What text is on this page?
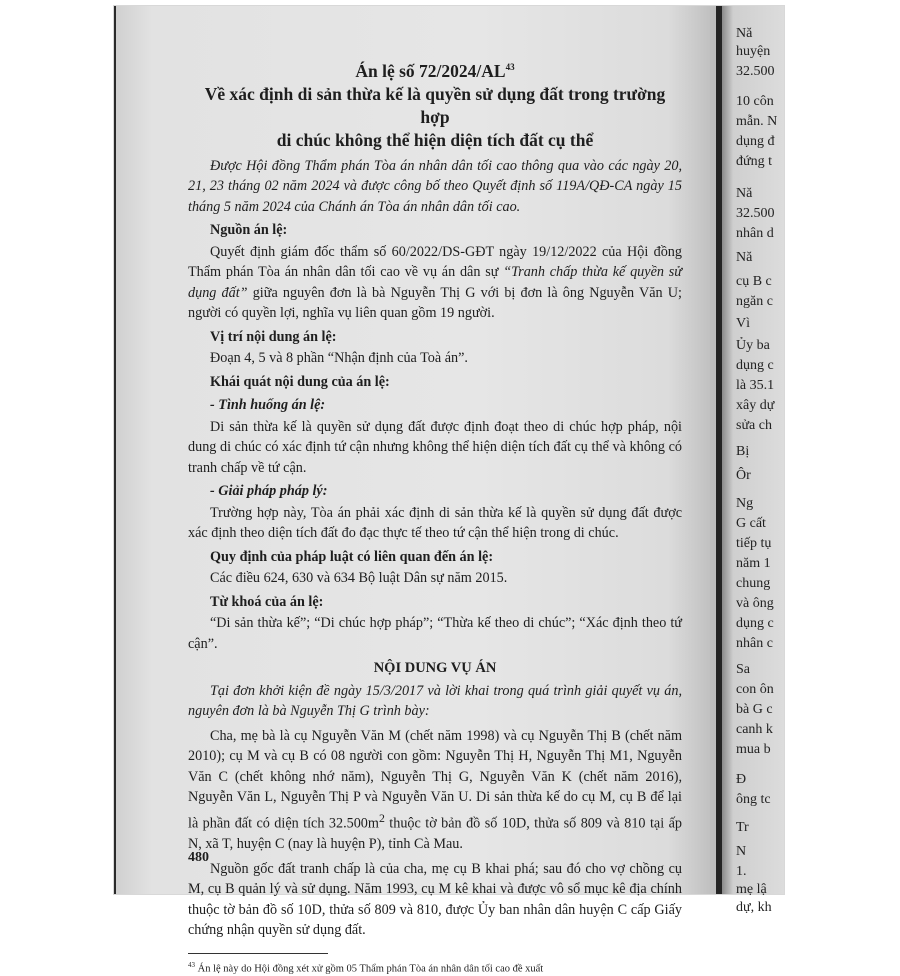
Án lệ số 72/2024/AL$^{43}$

Về xác định di sản thừa kế là quyền sử dụng đất trong trường hợp

di chúc không thể hiện diện tích đất cụ thể

Được Hội đồng Thẩm phán Tòa án nhân dân tối cao thông qua vào các ngày 20, 21, 23 tháng 02 năm 2024 và được công bố theo Quyết định số 119A/QĐ-CA ngày 15 tháng 5 năm 2024 của Chánh án Tòa án nhân dân tối cao.

Nguồn án lệ:

Quyết định giám đốc thẩm số 60/2022/DS-GĐT ngày 19/12/2022 của Hội đồng Thẩm phán Tòa án nhân dân tối cao về vụ án dân sự “Tranh chấp thừa kế quyền sử dụng đất” giữa nguyên đơn là bà Nguyễn Thị G với bị đơn là ông Nguyễn Văn U; người có quyền lợi, nghĩa vụ liên quan gồm 19 người.

Vị trí nội dung án lệ:

Đoạn 4, 5 và 8 phần “Nhận định của Toà án”.

Khái quát nội dung của án lệ:

- Tình huống án lệ:

Di sản thừa kế là quyền sử dụng đất được định đoạt theo di chúc hợp pháp, nội dung di chúc có xác định tứ cận nhưng không thể hiện diện tích đất cụ thể và không có tranh chấp về tứ cận.

- Giải pháp pháp lý:

Trường hợp này, Tòa án phải xác định di sản thừa kế là quyền sử dụng đất được xác định theo diện tích đất đo đạc thực tế theo tứ cận thể hiện trong di chúc.

Quy định của pháp luật có liên quan đến án lệ:

Các điều 624, 630 và 634 Bộ luật Dân sự năm 2015.

Từ khoá của án lệ:

“Di sản thừa kế”; “Di chúc hợp pháp”; “Thừa kế theo di chúc”; “Xác định theo tứ cận”.

NỘI DUNG VỤ ÁN

Tại đơn khởi kiện đề ngày 15/3/2017 và lời khai trong quá trình giải quyết vụ án, nguyên đơn là bà Nguyễn Thị G trình bày:

Cha, mẹ bà là cụ Nguyễn Văn M (chết năm 1998) và cụ Nguyễn Thị B (chết năm 2010); cụ M và cụ B có 08 người con gồm: Nguyễn Thị H, Nguyễn Thị M1, Nguyễn Văn C (chết không nhớ năm), Nguyễn Thị G, Nguyễn Văn K (chết năm 2016), Nguyễn Văn L, Nguyễn Thị P và Nguyễn Văn U. Di sản thừa kế do cụ M, cụ B để lại là phần đất có diện tích $32.500m^2$ thuộc tờ bản đồ số 10D, thửa số 809 và 810 tại ấp N, xã T, huyện C (nay là huyện P), tỉnh Cà Mau.

Nguồn gốc đất tranh chấp là của cha, mẹ cụ B khai phá; sau đó cho vợ chồng cụ M, cụ B quản lý và sử dụng. Năm 1993, cụ M kê khai và được vô sổ mục kê địa chính thuộc tờ bản đồ số 10D, thửa số 809 và 810, được Ủy ban nhân dân huyện C cấp Giấy chứng nhận quyền sử dụng đất.

$^{43}$ Án lệ này do Hội đồng xét xử gồm 05 Thẩm phán Tòa án nhân dân tối cao đề xuất

480
Nă
huyện
32.500
10 côn
mẫn. N
dụng đ
đứng t
Nă
32.500
nhân d
Nă
cụ B c
ngăn c
Vì
Ủy ba
dụng c
là 35.1
xây dự
sửa ch
Bị
Ôr
Ng
G cất
tiếp tụ
năm 1
chung
và ông
dụng c
nhân c
Sa
con ôn
bà G c
canh k
mua b
Đ
ông tc
Tr
N
1.
mẹ lậ
dự, kh
